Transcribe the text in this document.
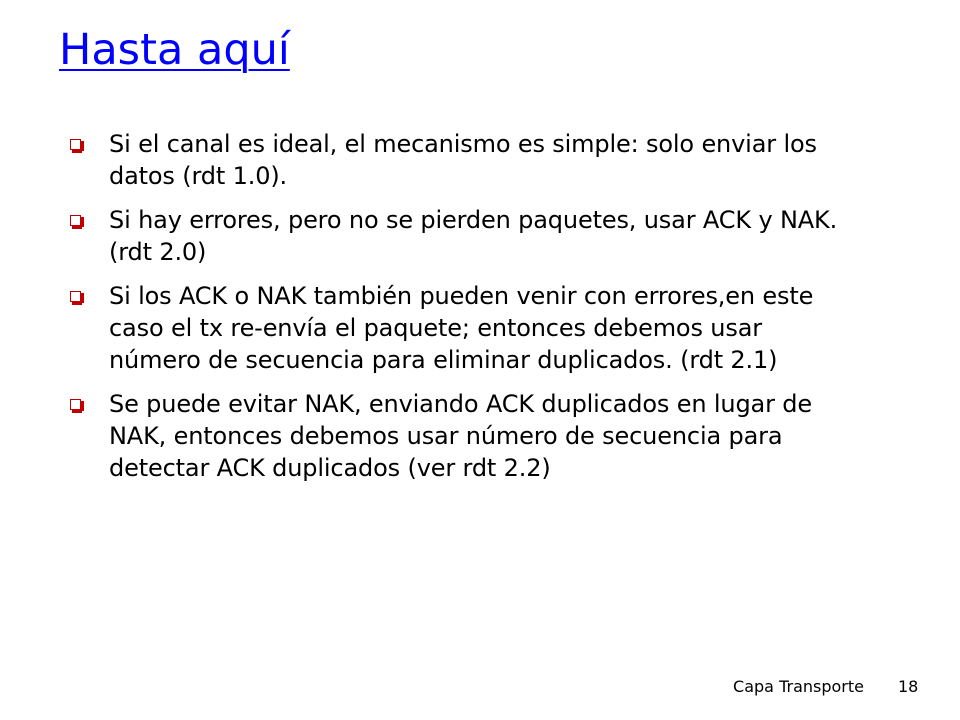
Hasta aquí
Si el canal es ideal, el mecanismo es simple: solo enviar los datos (rdt 1.0).
Si hay errores, pero no se pierden paquetes, usar ACK y NAK. (rdt 2.0)
Si los ACK o NAK también pueden venir con errores,en este caso el tx re-envía el paquete; entonces debemos usar número de secuencia para eliminar duplicados. (rdt 2.1)
Se puede evitar NAK, enviando ACK duplicados en lugar de NAK, entonces debemos usar número de secuencia para detectar ACK duplicados (ver rdt 2.2)
Capa Transporte 18
